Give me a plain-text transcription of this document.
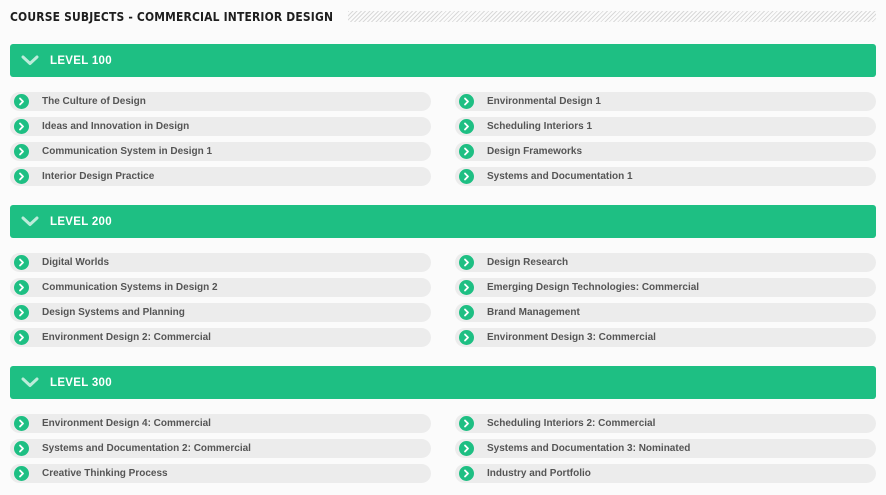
COURSE SUBJECTS - COMMERCIAL INTERIOR DESIGN
LEVEL 100
The Culture of Design	Environmental Design 1
Ideas and Innovation in Design	Scheduling Interiors 1
Communication System in Design 1	Design Frameworks
Interior Design Practice	Systems and Documentation 1
LEVEL 200
Digital Worlds	Design Research
Communication Systems in Design 2	Emerging Design Technologies: Commercial
Design Systems and Planning	Brand Management
Environment Design 2: Commercial	Environment Design 3: Commercial
LEVEL 300
Environment Design 4: Commercial	Scheduling Interiors 2: Commercial
Systems and Documentation 2: Commercial	Systems and Documentation 3: Nominated
Creative Thinking Process	Industry and Portfolio
